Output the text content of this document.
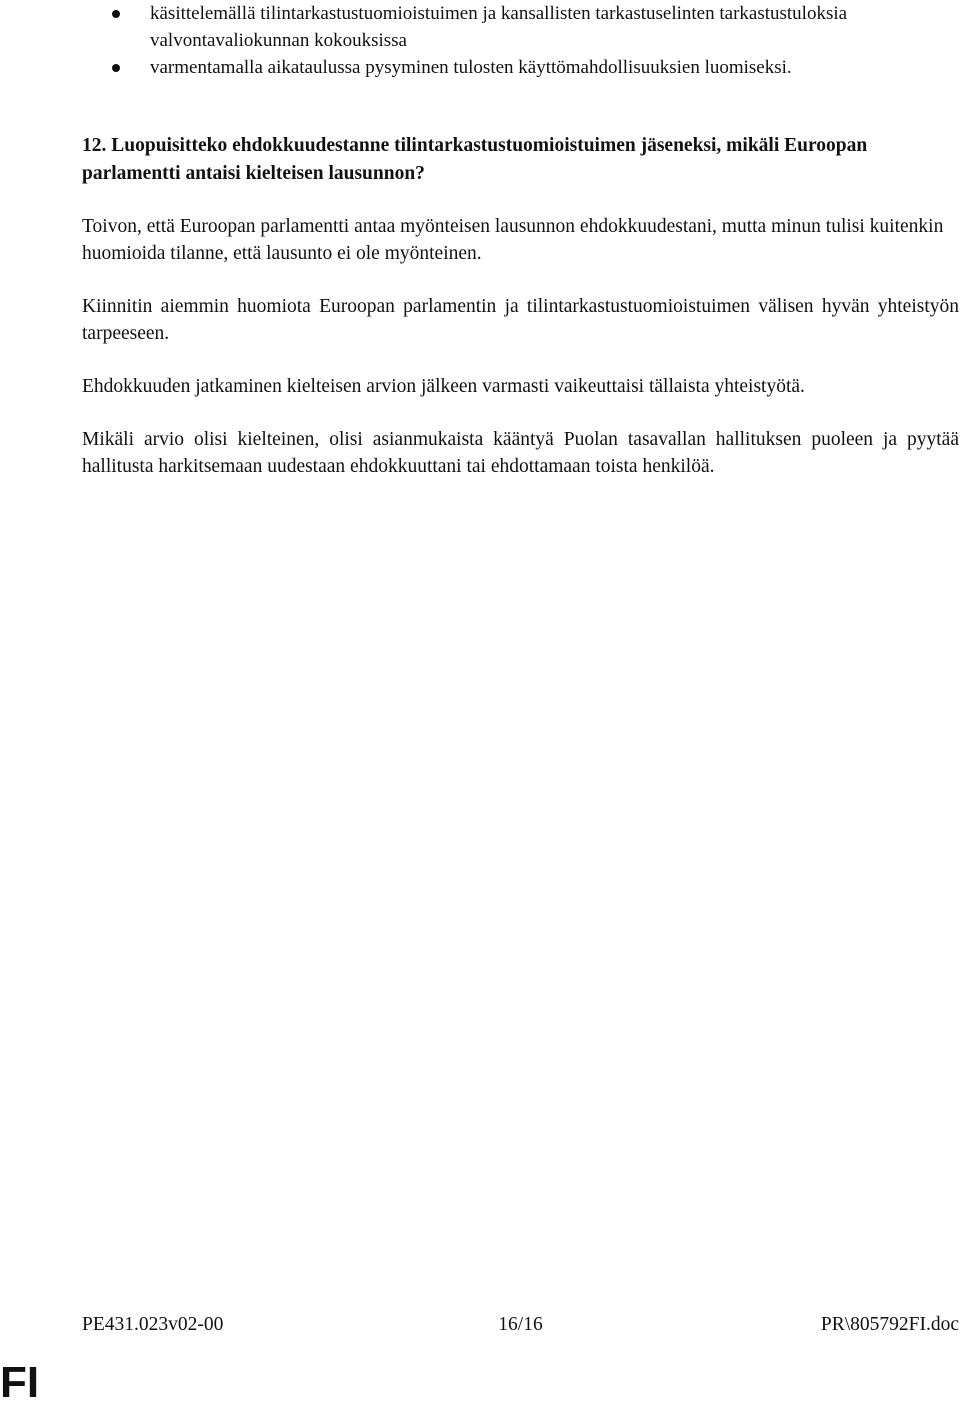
käsittelemällä tilintarkastustuomioistuimen ja kansallisten tarkastuselinten tarkastustuloksia valvontavaliokunnan kokouksissa
varmentamalla aikataulussa pysyminen tulosten käyttömahdollisuuksien luomiseksi.

12. Luopuisitteko ehdokkuudestanne tilintarkastustuomioistuimen jäseneksi, mikäli Euroopan parlamentti antaisi kielteisen lausunnon?

Toivon, että Euroopan parlamentti antaa myönteisen lausunnon ehdokkuudestani, mutta minun tulisi kuitenkin huomioida tilanne, että lausunto ei ole myönteinen.

Kiinnitin aiemmin huomiota Euroopan parlamentin ja tilintarkastustuomioistuimen välisen hyvän yhteistyön tarpeeseen.

Ehdokkuuden jatkaminen kielteisen arvion jälkeen varmasti vaikeuttaisi tällaista yhteistyötä.

Mikäli arvio olisi kielteinen, olisi asianmukaista kääntyä Puolan tasavallan hallituksen puoleen ja pyytää hallitusta harkitsemaan uudestaan ehdokkuuttani tai ehdottamaan toista henkilöä.

PE431.023v02-00	16/16	PR\805792FI.doc
FI
